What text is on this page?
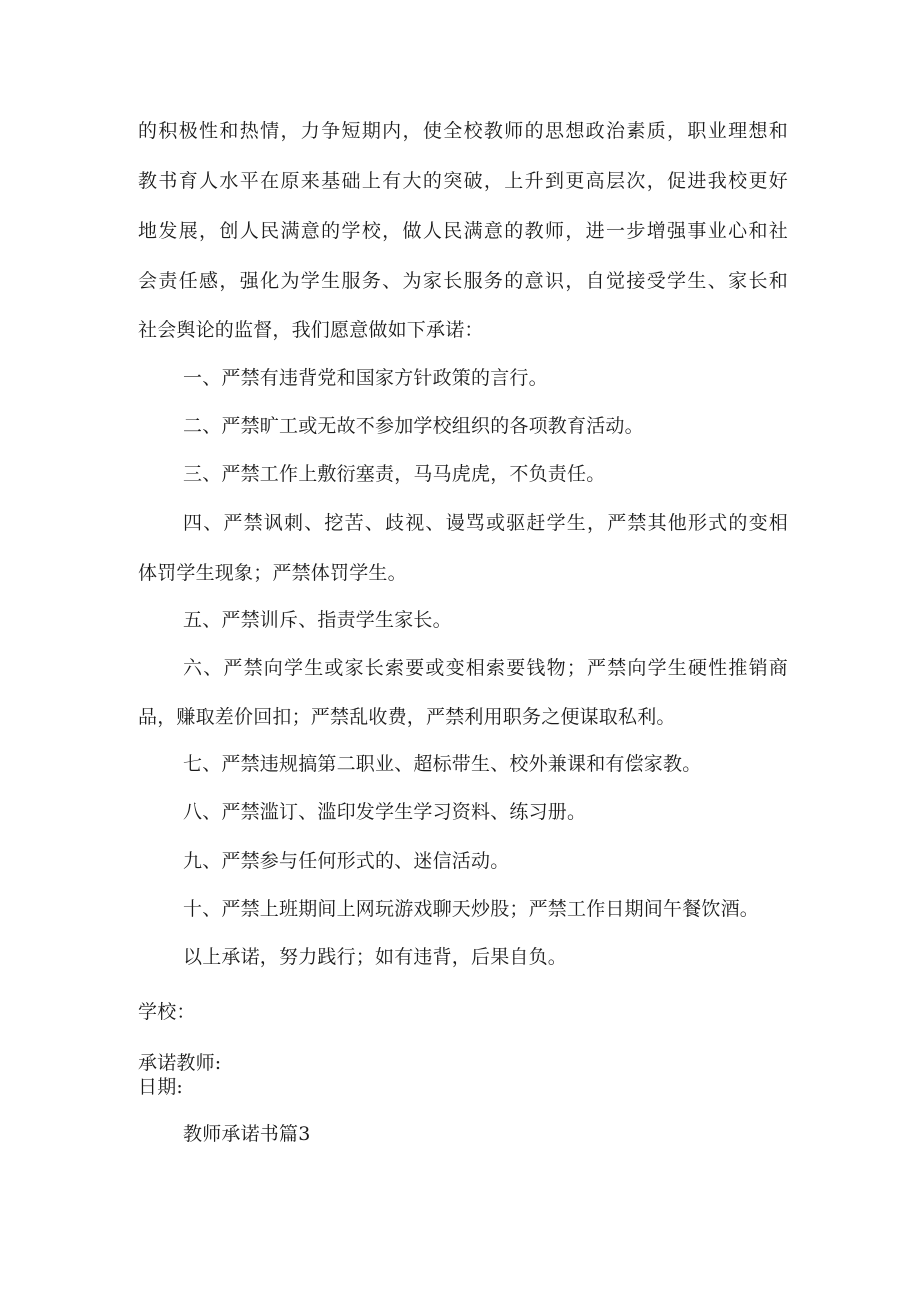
的积极性和热情，力争短期内，使全校教师的思想政治素质，职业理想和
教书育人水平在原来基础上有大的突破，上升到更高层次，促进我校更好
地发展，创人民满意的学校，做人民满意的教师，进一步增强事业心和社
会责任感，强化为学生服务、为家长服务的意识，自觉接受学生、家长和
社会舆论的监督，我们愿意做如下承诺：
一、严禁有违背党和国家方针政策的言行。
二、严禁旷工或无故不参加学校组织的各项教育活动。
三、严禁工作上敷衍塞责，马马虎虎，不负责任。
四、严禁讽刺、挖苦、歧视、谩骂或驱赶学生，严禁其他形式的变相
体罚学生现象；严禁体罚学生。
五、严禁训斥、指责学生家长。
六、严禁向学生或家长索要或变相索要钱物；严禁向学生硬性推销商
品，赚取差价回扣；严禁乱收费，严禁利用职务之便谋取私利。
七、严禁违规搞第二职业、超标带生、校外兼课和有偿家教。
八、严禁滥订、滥印发学生学习资料、练习册。
九、严禁参与任何形式的、迷信活动。
十、严禁上班期间上网玩游戏聊天炒股；严禁工作日期间午餐饮酒。
以上承诺，努力践行；如有违背，后果自负。
学校：
承诺教师:
日期:
教师承诺书篇3
